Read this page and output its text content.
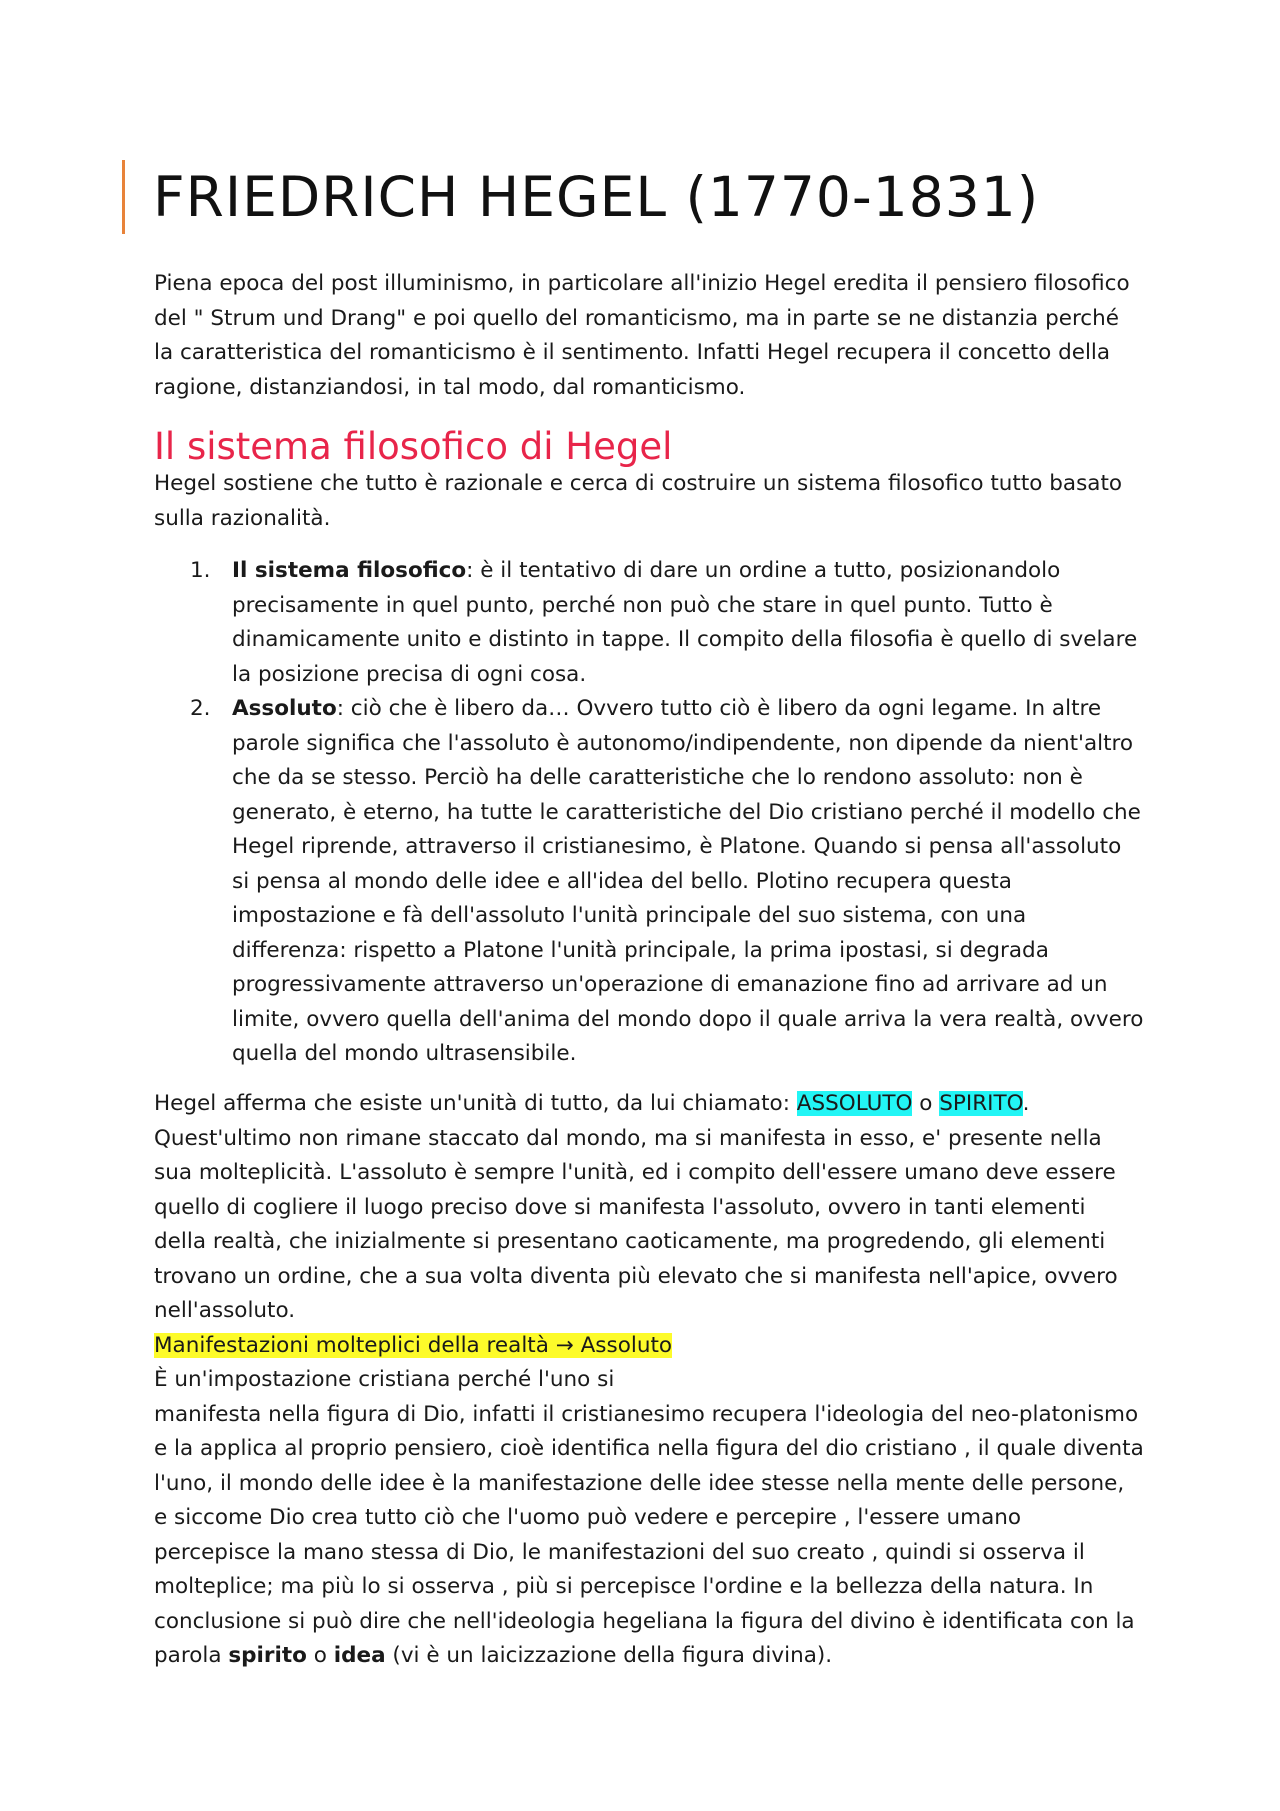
FRIEDRICH HEGEL (1770-1831)

Piena epoca del post illuminismo, in particolare all'inizio Hegel eredita il pensiero filosofico del " Strum und Drang" e poi quello del romanticismo, ma in parte se ne distanzia perché la caratteristica del romanticismo è il sentimento. Infatti Hegel recupera il concetto della ragione, distanziandosi, in tal modo, dal romanticismo.

Il sistema filosofico di Hegel

Hegel sostiene che tutto è razionale e cerca di costruire un sistema filosofico tutto basato sulla razionalità.

1. Il sistema filosofico: è il tentativo di dare un ordine a tutto, posizionandolo precisamente in quel punto, perché non può che stare in quel punto. Tutto è dinamicamente unito e distinto in tappe. Il compito della filosofia è quello di svelare la posizione precisa di ogni cosa.
2. Assoluto: ciò che è libero da… Ovvero tutto ciò è libero da ogni legame. In altre parole significa che l'assoluto è autonomo/indipendente, non dipende da nient'altro che da se stesso. Perciò ha delle caratteristiche che lo rendono assoluto: non è generato, è eterno, ha tutte le caratteristiche del Dio cristiano perché il modello che Hegel riprende, attraverso il cristianesimo, è Platone. Quando si pensa all'assoluto si pensa al mondo delle idee e all'idea del bello. Plotino recupera questa impostazione e fà dell'assoluto l'unità principale del suo sistema, con una differenza: rispetto a Platone l'unità principale, la prima ipostasi, si degrada progressivamente attraverso un'operazione di emanazione fino ad arrivare ad un limite, ovvero quella dell'anima del mondo dopo il quale arriva la vera realtà, ovvero quella del mondo ultrasensibile.

Hegel afferma che esiste un'unità di tutto, da lui chiamato: ASSOLUTO o SPIRITO. Quest'ultimo non rimane staccato dal mondo, ma si manifesta in esso, e' presente nella sua molteplicità. L'assoluto è sempre l'unità, ed i compito dell'essere umano deve essere quello di cogliere il luogo preciso dove si manifesta l'assoluto, ovvero in tanti elementi della realtà, che inizialmente si presentano caoticamente, ma progredendo, gli elementi trovano un ordine, che a sua volta diventa più elevato che si manifesta nell'apice, ovvero nell'assoluto.

Manifestazioni molteplici della realtà → Assoluto

È un'impostazione cristiana perché l'uno si

manifesta nella figura di Dio, infatti il cristianesimo recupera l'ideologia del neo-platonismo e la applica al proprio pensiero, cioè identifica nella figura del dio cristiano , il quale diventa l'uno, il mondo delle idee è la manifestazione delle idee stesse nella mente delle persone, e siccome Dio crea tutto ciò che l'uomo può vedere e percepire , l'essere umano percepisce la mano stessa di Dio, le manifestazioni del suo creato , quindi si osserva il molteplice; ma più lo si osserva , più si percepisce l'ordine e la bellezza della natura. In conclusione si può dire che nell'ideologia hegeliana la figura del divino è identificata con la parola spirito o idea (vi è un laicizzazione della figura divina).
